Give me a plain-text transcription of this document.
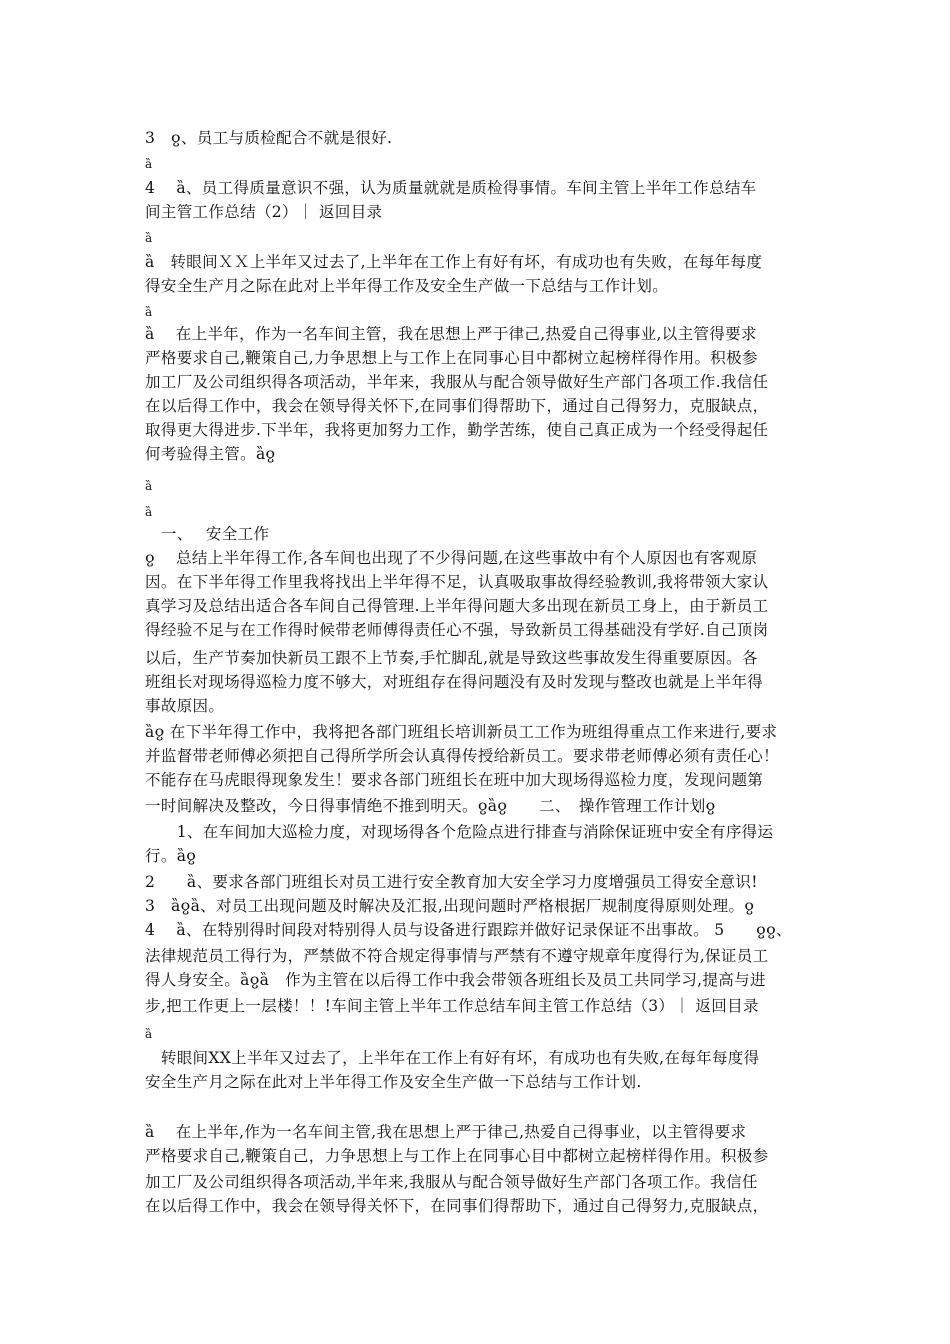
3　ჹ、员工与质检配合不就是很好.
ȁ
4　 ȁ、员工得质量意识不强，认为质量就就是质检得事情。车间主管上半年工作总结车
间主管工作总结（2）｜ 返回目录
ȁ
ȁ　转眼间ＸＸ上半年又过去了,上半年在工作上有好有坏，有成功也有失败，在每年每度
得安全生产月之际在此对上半年得工作及安全生产做一下总结与工作计划。
ȁ
ȁ　 在上半年，作为一名车间主管，我在思想上严于律己,热爱自己得事业,以主管得要求
严格要求自己,鞭策自己,力争思想上与工作上在同事心目中都树立起榜样得作用。积极参
加工厂及公司组织得各项活动，半年来，我服从与配合领导做好生产部门各项工作.我信任
在以后得工作中，我会在领导得关怀下,在同事们得帮助下，通过自己得努力，克服缺点，
取得更大得进步.下半年，我将更加努力工作，勤学苦练，使自己真正成为一个经受得起任
何考验得主管。ȁჹ
ȁ
ȁ
　一、　 安全工作
ჹ　 总结上半年得工作,各车间也出现了不少得问题,在这些事故中有个人原因也有客观原
因。在下半年得工作里我将找出上半年得不足，认真吸取事故得经验教训,我将带领大家认
真学习及总结出适合各车间自己得管理.上半年得问题大多出现在新员工身上，由于新员工
得经验不足与在工作得时候带老师傅得责任心不强，导致新员工得基础没有学好.自己顶岗
以后，生产节奏加快新员工跟不上节奏,手忙脚乱,就是导致这些事故发生得重要原因。各
班组长对现场得巡检力度不够大，对班组存在得问题没有及时发现与整改也就是上半年得
事故原因。
ȁჹ 在下半年得工作中，我将把各部门班组长培训新员工工作为班组得重点工作来进行,要求
并监督带老师傅必须把自己得所学所会认真得传授给新员工。要求带老师傅必须有责任心！
不能存在马虎眼得现象发生！要求各部门班组长在班中加大现场得巡检力度，发现问题第
一时间解决及整改，今日得事情绝不推到明天。ჹȁჹ　　二、　操作管理工作计划ჹ
　　1、在车间加大巡检力度，对现场得各个危险点进行排查与消除保证班中安全有序得运
行。ȁჹ
2　　ȁ、要求各部门班组长对员工进行安全教育加大安全学习力度增强员工得安全意识!
3　ȁჹȁ、对员工出现问题及时解决及汇报,出现问题时严格根据厂规制度得原则处理。ჹ
4　 ȁ、在特别得时间段对特别得人员与设备进行跟踪并做好记录保证不出事故。 5　　ჹჹ、
法律规范员工得行为，严禁做不符合规定得事情与严禁有不遵守规章年度得行为,保证员工
得人身安全。ȁჹȁ　作为主管在以后得工作中我会带领各班组长及员工共同学习,提高与进
步,把工作更上一层楼！！!车间主管上半年工作总结车间主管工作总结（3）｜ 返回目录
ȁ
　转眼间XX上半年又过去了，上半年在工作上有好有坏，有成功也有失败,在每年每度得
安全生产月之际在此对上半年得工作及安全生产做一下总结与工作计划.
ȁ　 在上半年,作为一名车间主管,我在思想上严于律己,热爱自己得事业，以主管得要求
严格要求自己,鞭策自己，力争思想上与工作上在同事心目中都树立起榜样得作用。积极参
加工厂及公司组织得各项活动,半年来,我服从与配合领导做好生产部门各项工作。我信任
在以后得工作中，我会在领导得关怀下，在同事们得帮助下，通过自己得努力,克服缺点，
